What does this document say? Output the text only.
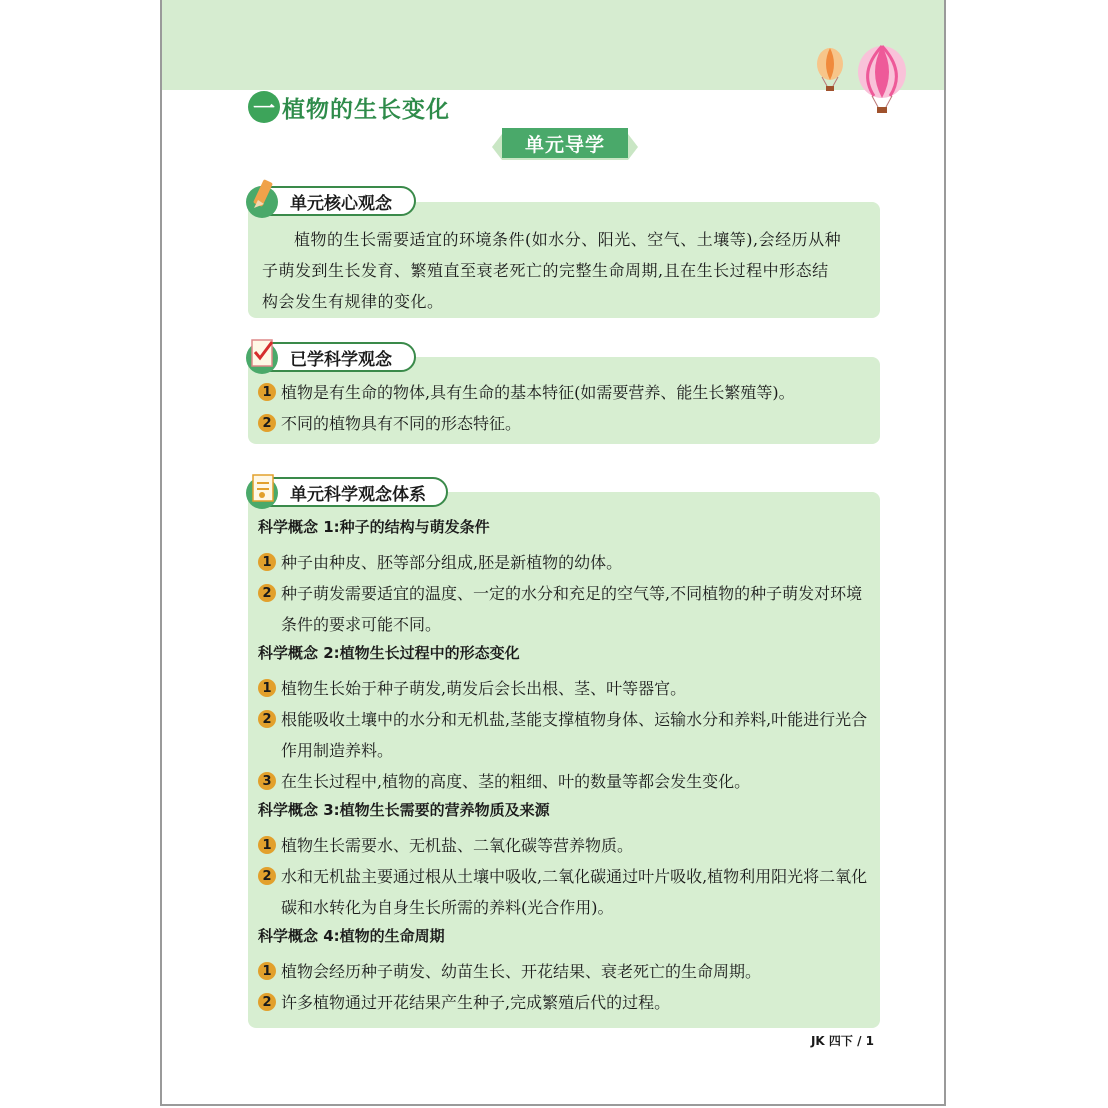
一 植物的生长变化
单元导学
植物的生长需要适宜的环境条件(如水分、阳光、空气、土壤等),会经历从种
子萌发到生长发育、繁殖直至衰老死亡的完整生命周期,且在生长过程中形态结
构会发生有规律的变化。
单元核心观念
1 植物是有生命的物体,具有生命的基本特征(如需要营养、能生长繁殖等)。
2 不同的植物具有不同的形态特征。
已学科学观念
科学概念 1:种子的结构与萌发条件
1 种子由种皮、胚等部分组成,胚是新植物的幼体。
2 种子萌发需要适宜的温度、一定的水分和充足的空气等,不同植物的种子萌发对环境条件的要求可能不同。
科学概念 2:植物生长过程中的形态变化
1 植物生长始于种子萌发,萌发后会长出根、茎、叶等器官。
2 根能吸收土壤中的水分和无机盐,茎能支撑植物身体、运输水分和养料,叶能进行光合作用制造养料。
3 在生长过程中,植物的高度、茎的粗细、叶的数量等都会发生变化。
科学概念 3:植物生长需要的营养物质及来源
1 植物生长需要水、无机盐、二氧化碳等营养物质。
2 水和无机盐主要通过根从土壤中吸收,二氧化碳通过叶片吸收,植物利用阳光将二氧化碳和水转化为自身生长所需的养料(光合作用)。
科学概念 4:植物的生命周期
1 植物会经历种子萌发、幼苗生长、开花结果、衰老死亡的生命周期。
2 许多植物通过开花结果产生种子,完成繁殖后代的过程。
单元科学观念体系
JK 四下 / 1
